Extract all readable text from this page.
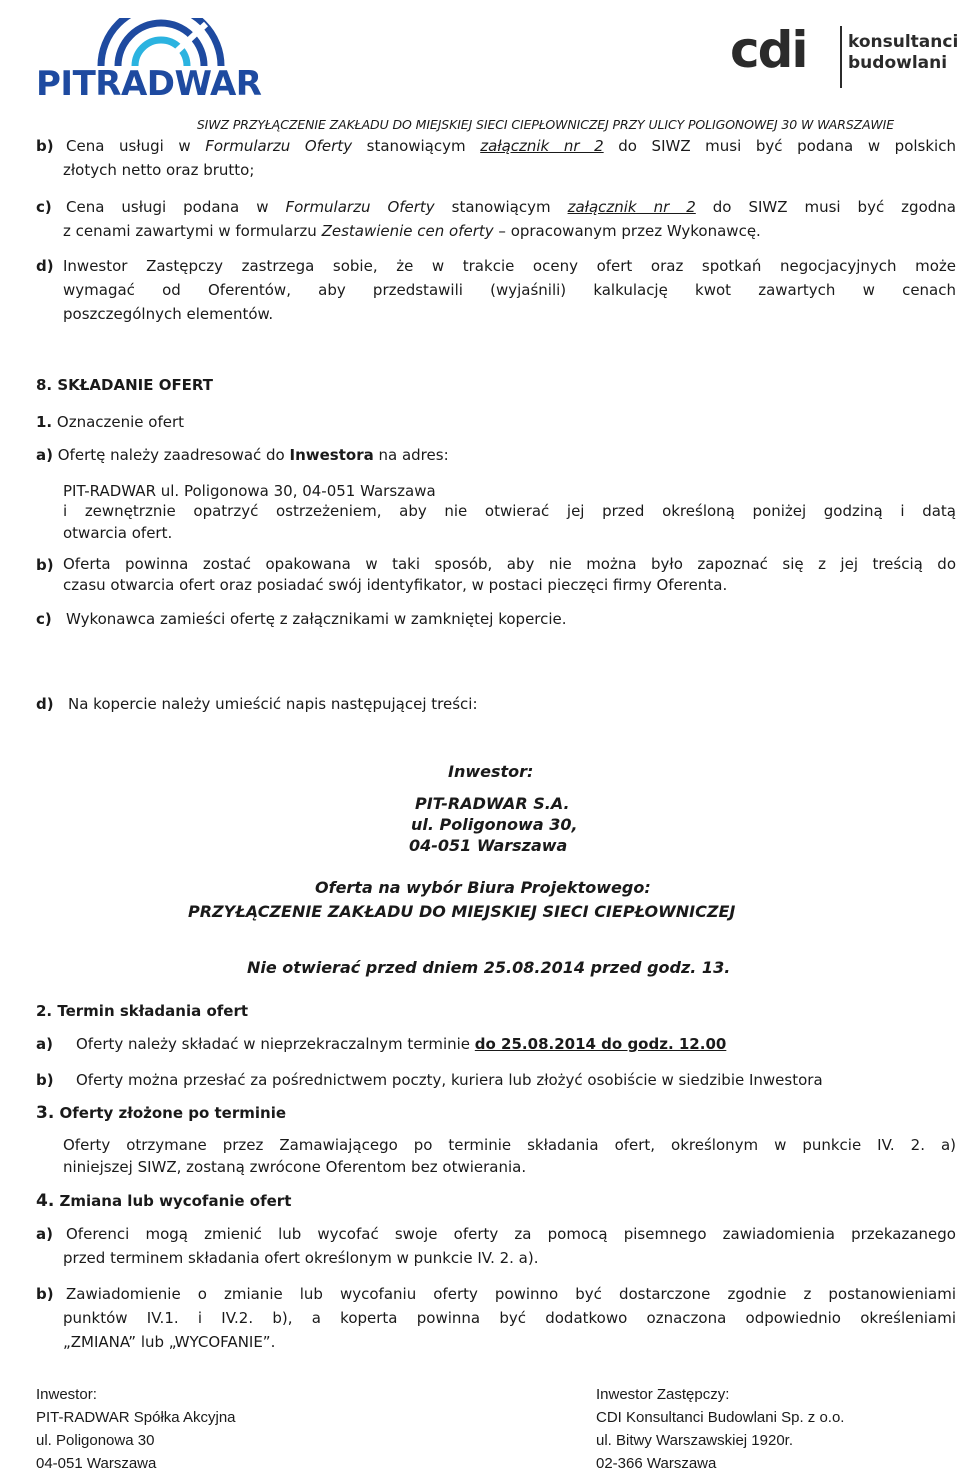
PITRADWAR
cdi konsultanci
budowlani
SIWZ PRZYŁĄCZENIE ZAKŁADU DO MIEJSKIEJ SIECI CIEPŁOWNICZEJ PRZY ULICY POLIGONOWEJ 30 W WARSZAWIE
b) Cena usługi w Formularzu Oferty stanowiącym załącznik nr 2 do SIWZ musi być podana w polskich
złotych netto oraz brutto;
c) Cena usługi podana w Formularzu Oferty stanowiącym załącznik nr 2 do SIWZ musi być zgodna
z cenami zawartymi w formularzu Zestawienie cen oferty – opracowanym przez Wykonawcę.
d) Inwestor Zastępczy zastrzega sobie, że w trakcie oceny ofert oraz spotkań negocjacyjnych może
wymagać od Oferentów, aby przedstawili (wyjaśnili) kalkulację kwot zawartych w cenach
poszczególnych elementów.
8. SKŁADANIE OFERT
1. Oznaczenie ofert
a) Ofertę należy zaadresować do Inwestora na adres:
PIT-RADWAR ul. Poligonowa 30, 04-051 Warszawa
i zewnętrznie opatrzyć ostrzeżeniem, aby nie otwierać jej przed określoną poniżej godziną i datą
otwarcia ofert.
b) Oferta powinna zostać opakowana w taki sposób, aby nie można było zapoznać się z jej treścią do
czasu otwarcia ofert oraz posiadać swój identyfikator, w postaci pieczęci firmy Oferenta.
c) Wykonawca zamieści ofertę z załącznikami w zamkniętej kopercie.
d) Na kopercie należy umieścić napis następującej treści:
Inwestor:
PIT-RADWAR S.A.
ul. Poligonowa 30,
04-051 Warszawa
Oferta na wybór Biura Projektowego:
PRZYŁĄCZENIE ZAKŁADU DO MIEJSKIEJ SIECI CIEPŁOWNICZEJ
Nie otwierać przed dniem 25.08.2014 przed godz. 13.
2. Termin składania ofert
a) Oferty należy składać w nieprzekraczalnym terminie do 25.08.2014 do godz. 12.00
b) Oferty można przesłać za pośrednictwem poczty, kuriera lub złożyć osobiście w siedzibie Inwestora
3. Oferty złożone po terminie
Oferty otrzymane przez Zamawiającego po terminie składania ofert, określonym w punkcie IV. 2. a)
niniejszej SIWZ, zostaną zwrócone Oferentom bez otwierania.
4. Zmiana lub wycofanie ofert
a) Oferenci mogą zmienić lub wycofać swoje oferty za pomocą pisemnego zawiadomienia przekazanego
przed terminem składania ofert określonym w punkcie IV. 2. a).
b) Zawiadomienie o zmianie lub wycofaniu oferty powinno być dostarczone zgodnie z postanowieniami
punktów IV.1. i IV.2. b), a koperta powinna być dodatkowo oznaczona odpowiednio określeniami
„ZMIANA” lub „WYCOFANIE”.
Inwestor:
PIT-RADWAR Spółka Akcyjna
ul. Poligonowa 30
04-051 Warszawa
Inwestor Zastępczy:
CDI Konsultanci Budowlani Sp. z o.o.
ul. Bitwy Warszawskiej 1920r.
02-366 Warszawa
